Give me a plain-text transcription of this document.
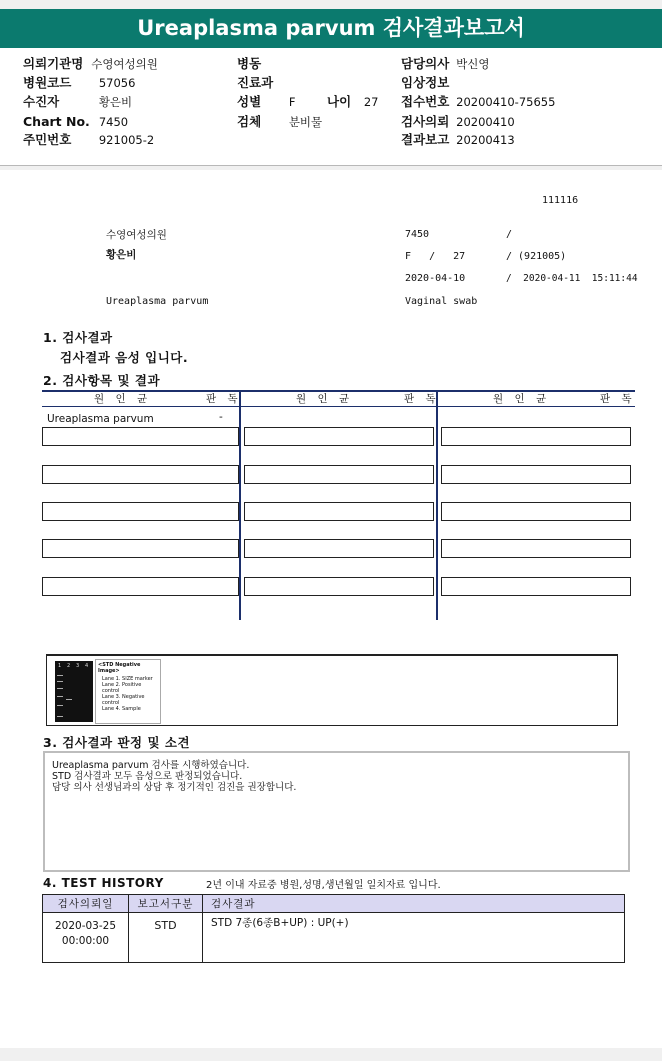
Ureaplasma parvum 검사결과보고서
의뢰기관명 수영여성의원
병원코드 57056
수진자	황은비
Chart No. 7450
주민번호 921005-2
병동
진료과
성별 F	나이 27
검체 분비물
담당의사 박신영
임상정보
접수번호 20200410-75655
검사의뢰 20200410
결과보고 20200413
111116
수영여성의원	7450	/
황은비	F   /   27	/ (921005)
2020-04-10	/  2020-04-11  15:11:44
Ureaplasma parvum	Vaginal swab
1. 검사결과
검사결과 음성 입니다.
2. 검사항목 및 결과
원 인 균	판 독	원 인 균	판 독	원 인 균	판 독
Ureaplasma parvum	-
1 2 3 4 <STD Negative Image>
Lane 1. SIZE marker
Lane 2. Positive control
Lane 3. Negative control
Lane 4. Sample
3. 검사결과 판정 및 소견
Ureaplasma parvum 검사를 시행하였습니다.
STD 검사결과 모두 음성으로 판정되었습니다.
담당 의사 선생님과의 상담 후 정기적인 검진을 권장합니다.
4. TEST HISTORY	2년 이내 자료중 병원,성명,생년월일 일치자료 입니다.
검사의뢰일	보고서구분	검사결과

2020-03-25
00:00:00	STD	STD 7종(6종B+UP) : UP(+)
